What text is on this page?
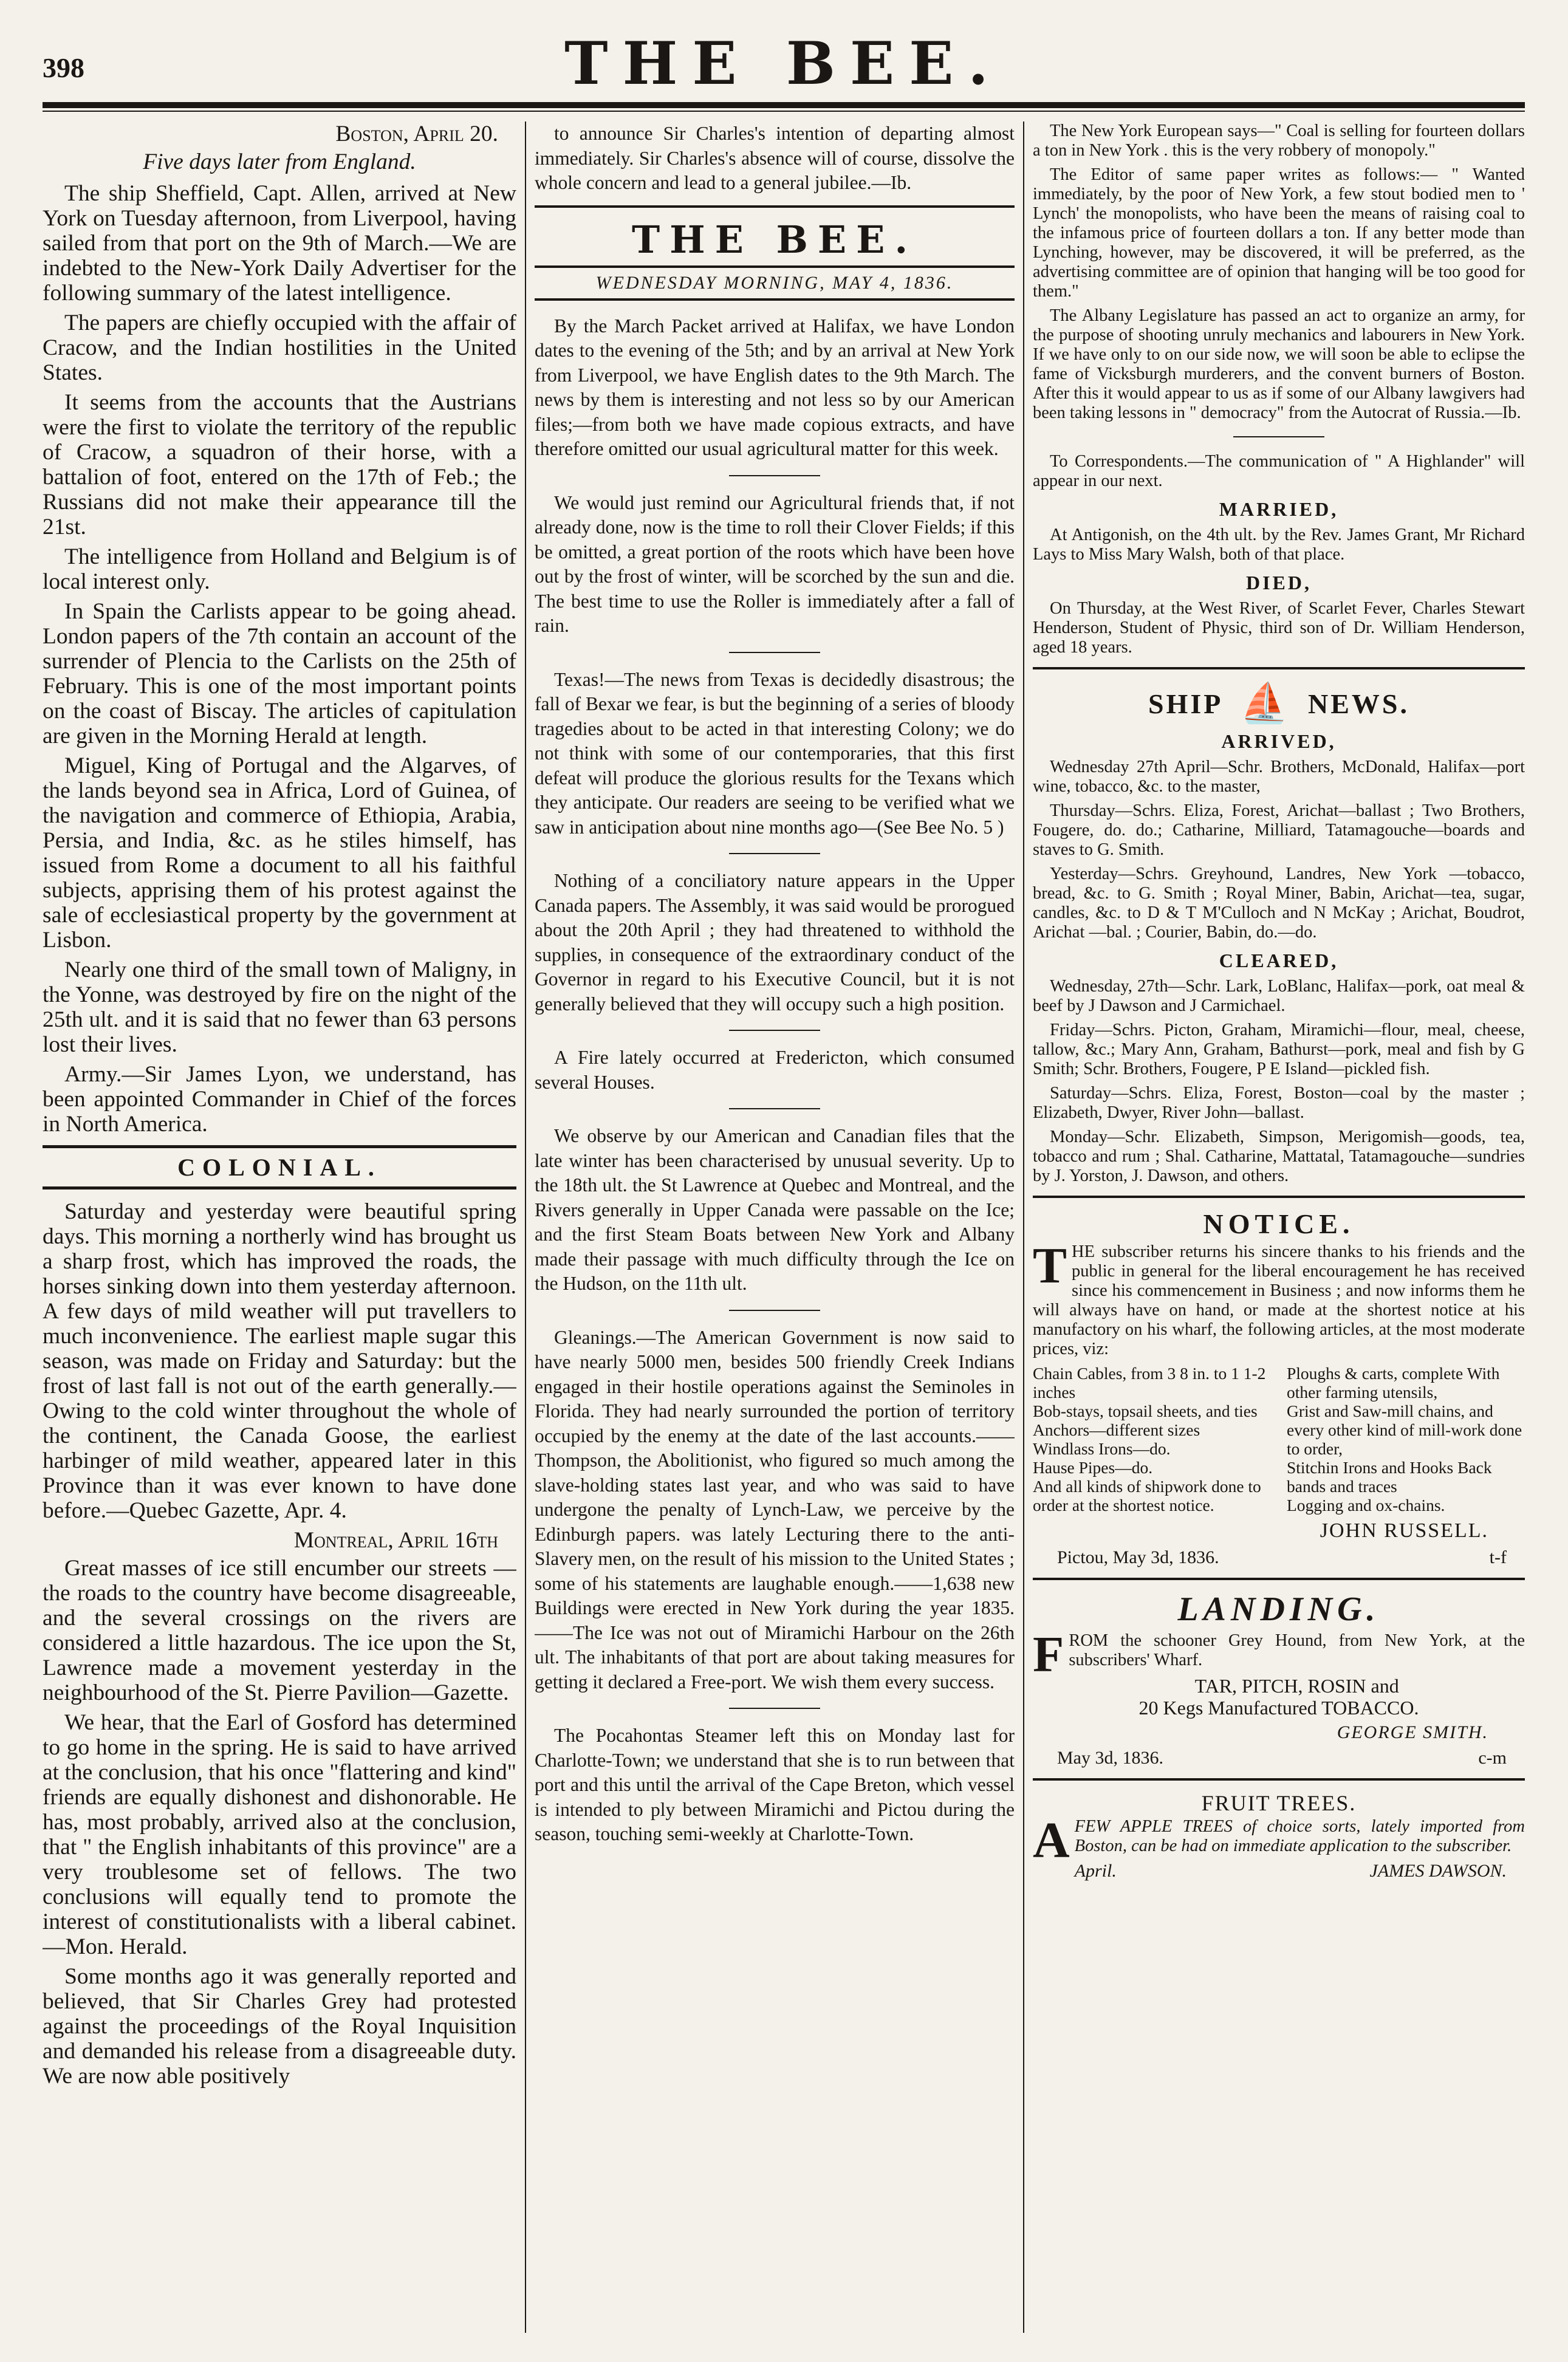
398	THE BEE.
Boston, April 20.
Five days later from England.

The ship Sheffield, Capt. Allen, arrived at New York on Tuesday afternoon, from Liverpool, having sailed from that port on the 9th of March.—We are indebted to the New-York Daily Advertiser for the following summary of the latest intelligence.

The papers are chiefly occupied with the affair of Cracow, and the Indian hostilities in the United States.

It seems from the accounts that the Austrians were the first to violate the territory of the republic of Cracow, a squadron of their horse, with a battalion of foot, entered on the 17th of Feb.; the Russians did not make their appearance till the 21st.

The intelligence from Holland and Belgium is of local interest only.

In Spain the Carlists appear to be going ahead. London papers of the 7th contain an account of the surrender of Plencia to the Carlists on the 25th of February. This is one of the most important points on the coast of Biscay. The articles of capitulation are given in the Morning Herald at length.

Miguel, King of Portugal and the Algarves, of the lands beyond sea in Africa, Lord of Guinea, of the navigation and commerce of Ethiopia, Arabia, Persia, and India, &c. as he stiles himself, has issued from Rome a document to all his faithful subjects, apprising them of his protest against the sale of ecclesiastical property by the government at Lisbon.

Nearly one third of the small town of Maligny, in the Yonne, was destroyed by fire on the night of the 25th ult. and it is said that no fewer than 63 persons lost their lives.

Army.—Sir James Lyon, we understand, has been appointed Commander in Chief of the forces in North America.

COLONIAL.

Saturday and yesterday were beautiful spring days. This morning a northerly wind has brought us a sharp frost, which has improved the roads, the horses sinking down into them yesterday afternoon. A few days of mild weather will put travellers to much inconvenience. The earliest maple sugar this season, was made on Friday and Saturday: but the frost of last fall is not out of the earth generally.—Owing to the cold winter throughout the whole of the continent, the Canada Goose, the earliest harbinger of mild weather, appeared later in this Province than it was ever known to have done before.—Quebec Gazette, Apr. 4.

Montreal, April 16th

Great masses of ice still encumber our streets —the roads to the country have become disagreeable, and the several crossings on the rivers are considered a little hazardous. The ice upon the St, Lawrence made a movement yesterday in the neighbourhood of the St. Pierre Pavilion—Gazette.

We hear, that the Earl of Gosford has determined to go home in the spring. He is said to have arrived at the conclusion, that his once "flattering and kind" friends are equally dishonest and dishonorable. He has, most probably, arrived also at the conclusion, that " the English inhabitants of this province" are a very troublesome set of fellows. The two conclusions will equally tend to promote the interest of constitutionalists with a liberal cabinet.—Mon. Herald.

Some months ago it was generally reported and believed, that Sir Charles Grey had protested against the proceedings of the Royal Inquisition and demanded his release from a disagreeable duty. We are now able positively

to announce Sir Charles's intention of departing almost immediately. Sir Charles's absence will of course, dissolve the whole concern and lead to a general jubilee.—Ib.

THE BEE.
WEDNESDAY MORNING, MAY 4, 1836.

By the March Packet arrived at Halifax, we have London dates to the evening of the 5th; and by an arrival at New York from Liverpool, we have English dates to the 9th March. The news by them is interesting and not less so by our American files;—from both we have made copious extracts, and have therefore omitted our usual agricultural matter for this week.

We would just remind our Agricultural friends that, if not already done, now is the time to roll their Clover Fields; if this be omitted, a great portion of the roots which have been hove out by the frost of winter, will be scorched by the sun and die. The best time to use the Roller is immediately after a fall of rain.

Texas!—The news from Texas is decidedly disastrous; the fall of Bexar we fear, is but the beginning of a series of bloody tragedies about to be acted in that interesting Colony; we do not think with some of our contemporaries, that this first defeat will produce the glorious results for the Texans which they anticipate. Our readers are seeing to be verified what we saw in anticipation about nine months ago—(See Bee No. 5 )

Nothing of a conciliatory nature appears in the Upper Canada papers. The Assembly, it was said would be prorogued about the 20th April ; they had threatened to withhold the supplies, in consequence of the extraordinary conduct of the Governor in regard to his Executive Council, but it is not generally believed that they will occupy such a high position.

A Fire lately occurred at Fredericton, which consumed several Houses.

We observe by our American and Canadian files that the late winter has been characterised by unusual severity. Up to the 18th ult. the St Lawrence at Quebec and Montreal, and the Rivers generally in Upper Canada were passable on the Ice; and the first Steam Boats between New York and Albany made their passage with much difficulty through the Ice on the Hudson, on the 11th ult.

Gleanings.—The American Government is now said to have nearly 5000 men, besides 500 friendly Creek Indians engaged in their hostile operations against the Seminoles in Florida. They had nearly surrounded the portion of territory occupied by the enemy at the date of the last accounts.——Thompson, the Abolitionist, who figured so much among the slave-holding states last year, and who was said to have undergone the penalty of Lynch-Law, we perceive by the Edinburgh papers. was lately Lecturing there to the anti-Slavery men, on the result of his mission to the United States ; some of his statements are laughable enough.——1,638 new Buildings were erected in New York during the year 1835.——The Ice was not out of Miramichi Harbour on the 26th ult. The inhabitants of that port are about taking measures for getting it declared a Free-port. We wish them every success.

The Pocahontas Steamer left this on Monday last for Charlotte-Town; we understand that she is to run between that port and this until the arrival of the Cape Breton, which vessel is intended to ply between Miramichi and Pictou during the season, touching semi-weekly at Charlotte-Town.

The New York European says—" Coal is selling for fourteen dollars a ton in New York . this is the very robbery of monopoly."

The Editor of same paper writes as follows:— " Wanted immediately, by the poor of New York, a few stout bodied men to ' Lynch' the monopolists, who have been the means of raising coal to the infamous price of fourteen dollars a ton. If any better mode than Lynching, however, may be discovered, it will be preferred, as the advertising committee are of opinion that hanging will be too good for them."

The Albany Legislature has passed an act to organize an army, for the purpose of shooting unruly mechanics and labourers in New York. If we have only to on our side now, we will soon be able to eclipse the fame of Vicksburgh murderers, and the convent burners of Boston. After this it would appear to us as if some of our Albany lawgivers had been taking lessons in " democracy" from the Autocrat of Russia.—Ib.

To Correspondents.—The communication of " A Highlander" will appear in our next.

MARRIED,

At Antigonish, on the 4th ult. by the Rev. James Grant, Mr Richard Lays to Miss Mary Walsh, both of that place.

DIED,

On Thursday, at the West River, of Scarlet Fever, Charles Stewart Henderson, Student of Physic, third son of Dr. William Henderson, aged 18 years.

SHIP ⛵ NEWS.
ARRIVED,

Wednesday 27th April—Schr. Brothers, McDonald, Halifax—port wine, tobacco, &c. to the master,

Thursday—Schrs. Eliza, Forest, Arichat—ballast ; Two Brothers, Fougere, do. do.; Catharine, Milliard, Tatamagouche—boards and staves to G. Smith.

Yesterday—Schrs. Greyhound, Landres, New York —tobacco, bread, &c. to G. Smith ; Royal Miner, Babin, Arichat—tea, sugar, candles, &c. to D & T M'Culloch and N McKay ; Arichat, Boudrot, Arichat —bal. ; Courier, Babin, do.—do.

CLEARED,

Wednesday, 27th—Schr. Lark, LoBlanc, Halifax—pork, oat meal & beef by J Dawson and J Carmichael.

Friday—Schrs. Picton, Graham, Miramichi—flour, meal, cheese, tallow, &c.; Mary Ann, Graham, Bathurst—pork, meal and fish by G Smith; Schr. Brothers, Fougere, P E Island—pickled fish.

Saturday—Schrs. Eliza, Forest, Boston—coal by the master ; Elizabeth, Dwyer, River John—ballast.

Monday—Schr. Elizabeth, Simpson, Merigomish—goods, tea, tobacco and rum ; Shal. Catharine, Mattatal, Tatamagouche—sundries by J. Yorston, J. Dawson, and others.

NOTICE.

THE subscriber returns his sincere thanks to his friends and the public in general for the liberal encouragement he has received since his commencement in Business ; and now informs them he will always have on hand, or made at the shortest notice at his manufactory on his wharf, the following articles, at the most moderate prices, viz:

Chain Cables, from 3 8 in. to 1 1-2 inches
Bob-stays, topsail sheets, and ties
Anchors—different sizes
Windlass Irons—do.
Hause Pipes—do.
And all kinds of shipwork done to order at the shortest notice.
Ploughs & carts, complete With other farming utensils,
Grist and Saw-mill chains, and every other kind of mill-work done to order,
Stitchin Irons and Hooks Back bands and traces
Logging and ox-chains.
JOHN RUSSELL.
Pictou, May 3d, 1836.	t-f
LANDING.

FROM the schooner Grey Hound, from New York, at the subscribers' Wharf.

TAR, PITCH, ROSIN and
20 Kegs Manufactured TOBACCO.
GEORGE SMITH.
May 3d, 1836.	c-m
FRUIT TREES.

AFEW APPLE TREES of choice sorts, lately imported from Boston, can be had on immediate application to the subscriber.

April.	JAMES DAWSON.
